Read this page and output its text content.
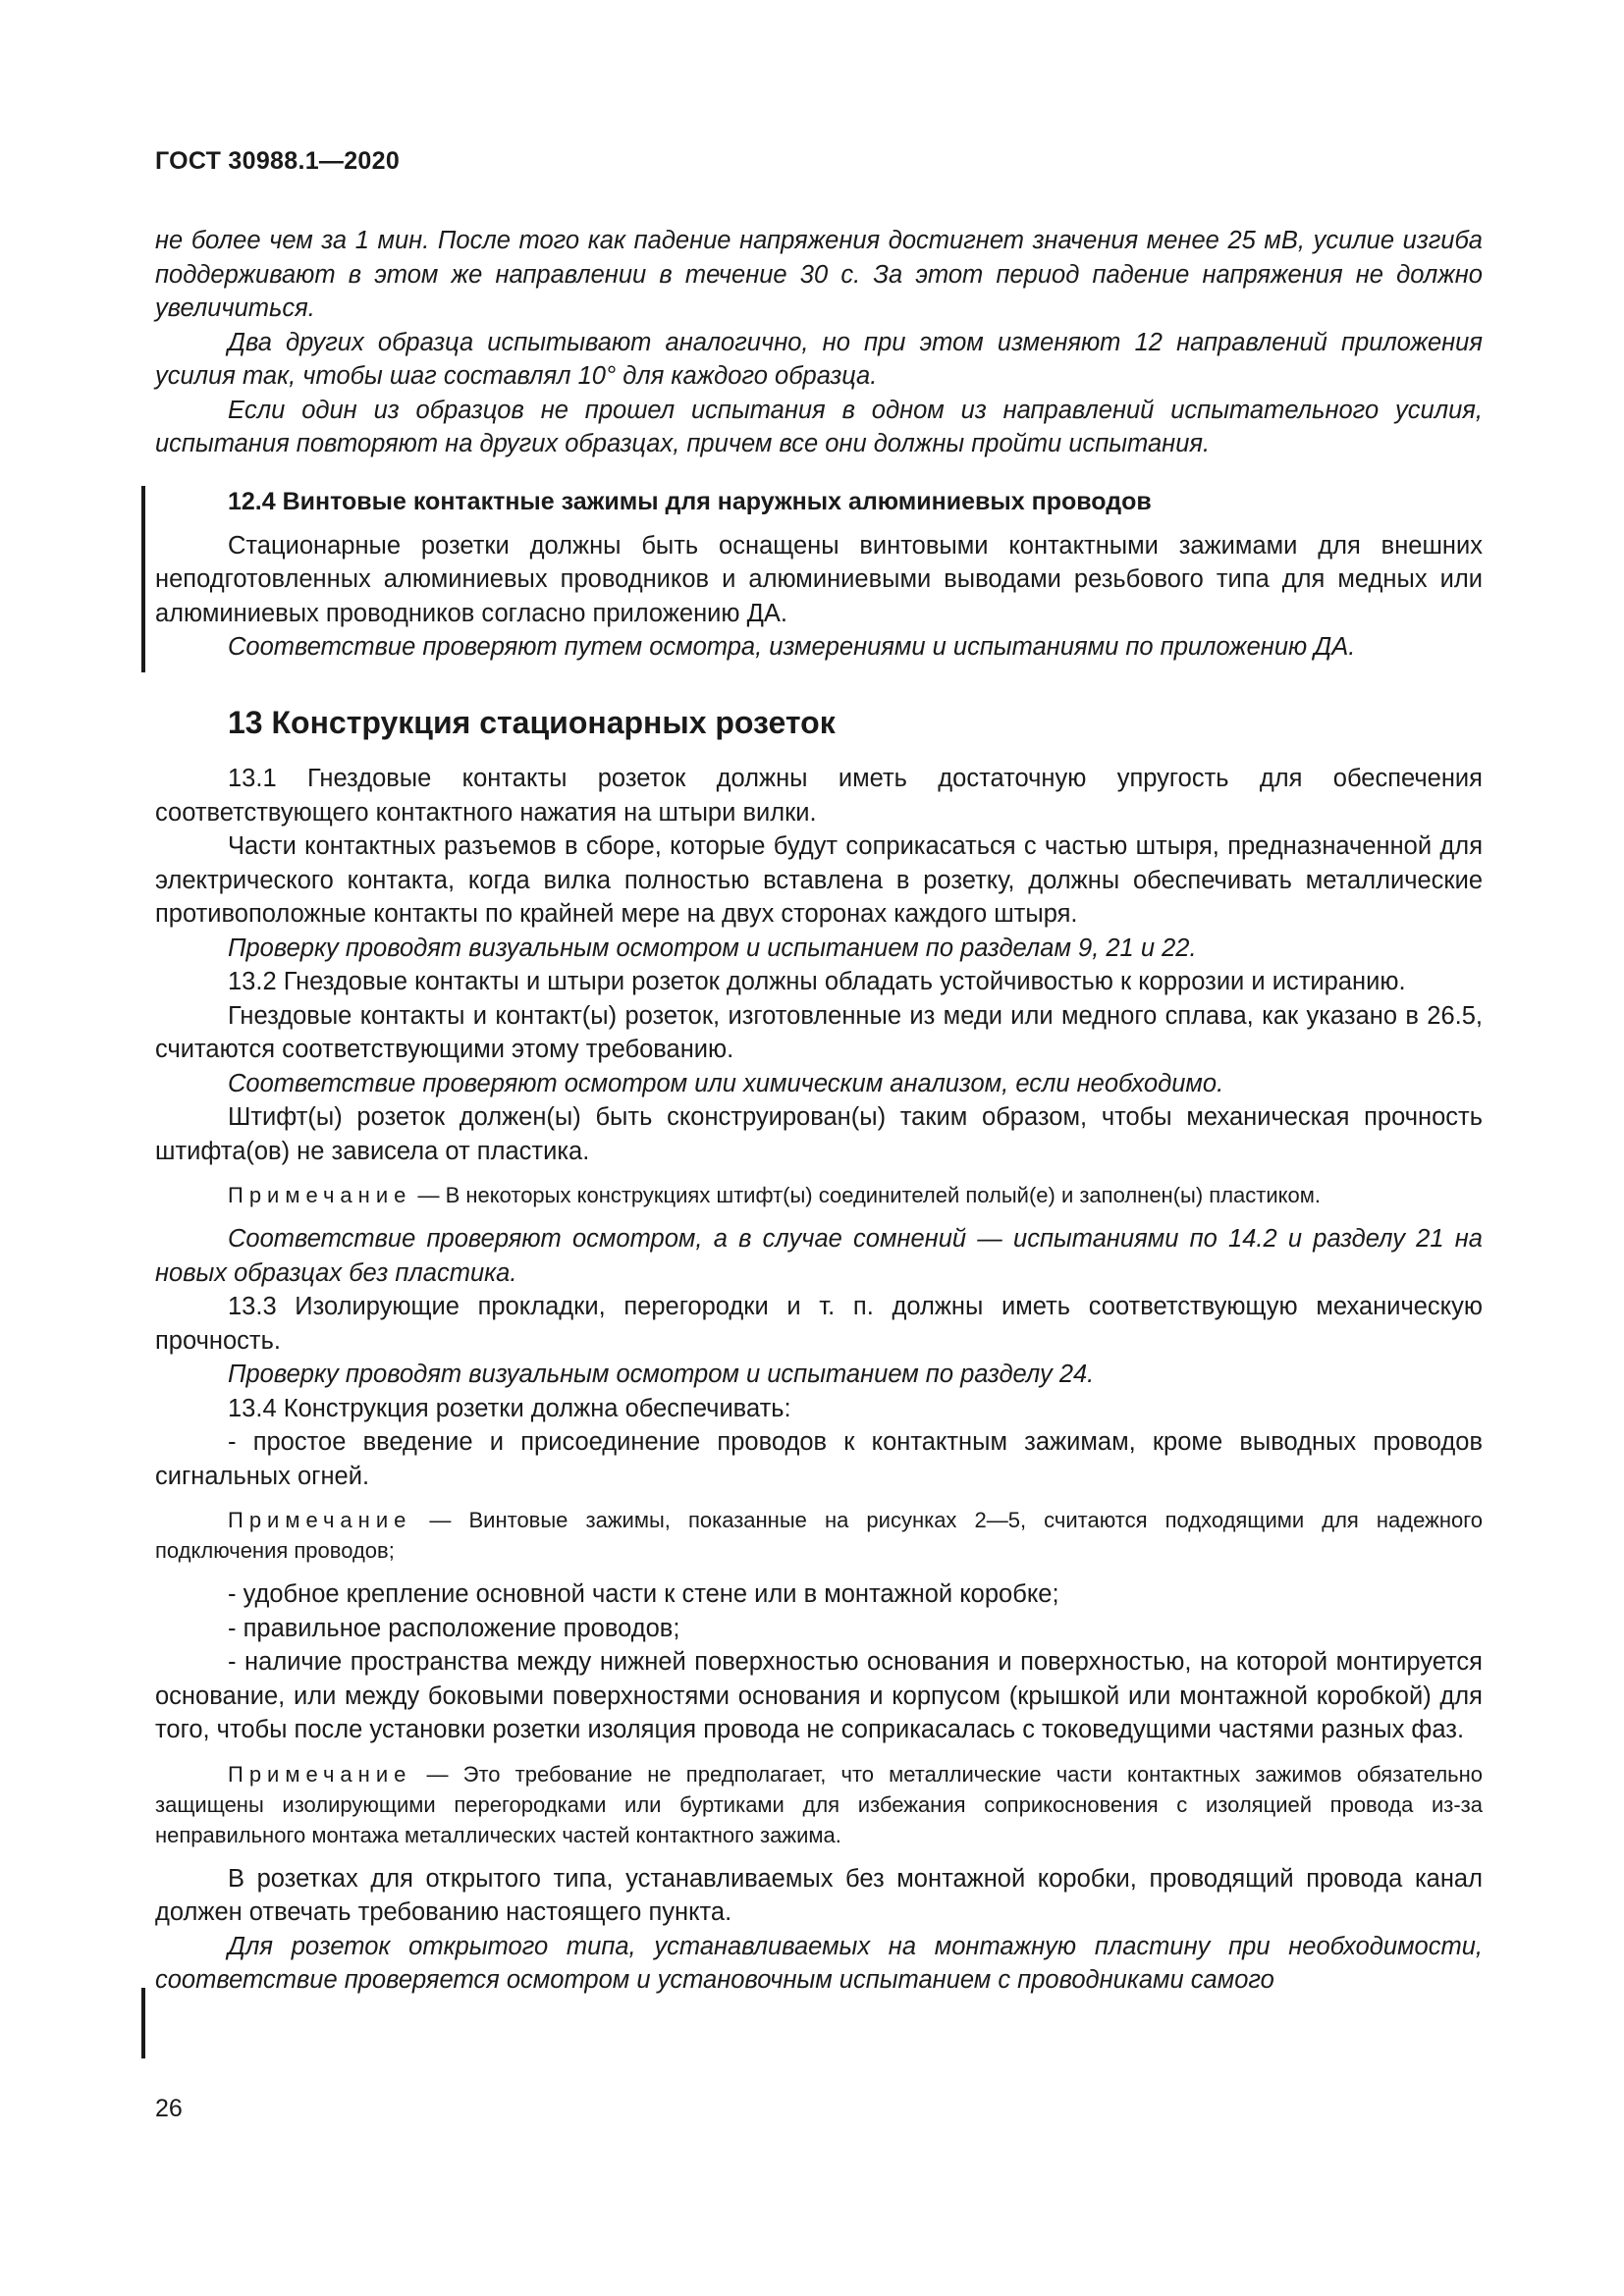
ГОСТ 30988.1—2020

не более чем за 1 мин. После того как падение напряжения достигнет значения менее 25 мВ, усилие изгиба поддерживают в этом же направлении в течение 30 с. За этот период падение напряжения не должно увеличиться.

Два других образца испытывают аналогично, но при этом изменяют 12 направлений приложения усилия так, чтобы шаг составлял 10° для каждого образца.

Если один из образцов не прошел испытания в одном из направлений испытательного усилия, испытания повторяют на других образцах, причем все они должны пройти испытания.

12.4 Винтовые контактные зажимы для наружных алюминиевых проводов

Стационарные розетки должны быть оснащены винтовыми контактными зажимами для внешних неподготовленных алюминиевых проводников и алюминиевыми выводами резьбового типа для медных или алюминиевых проводников согласно приложению ДА.

Соответствие проверяют путем осмотра, измерениями и испытаниями по приложению ДА.

13 Конструкция стационарных розеток

13.1 Гнездовые контакты розеток должны иметь достаточную упругость для обеспечения соответствующего контактного нажатия на штыри вилки.

Части контактных разъемов в сборе, которые будут соприкасаться с частью штыря, предназначенной для электрического контакта, когда вилка полностью вставлена в розетку, должны обеспечивать металлические противоположные контакты по крайней мере на двух сторонах каждого штыря.

Проверку проводят визуальным осмотром и испытанием по разделам 9, 21 и 22.

13.2 Гнездовые контакты и штыри розеток должны обладать устойчивостью к коррозии и истиранию.

Гнездовые контакты и контакт(ы) розеток, изготовленные из меди или медного сплава, как указано в 26.5, считаются соответствующими этому требованию.

Соответствие проверяют осмотром или химическим анализом, если необходимо.

Штифт(ы) розеток должен(ы) быть сконструирован(ы) таким образом, чтобы механическая прочность штифта(ов) не зависела от пластика.

Примечание — В некоторых конструкциях штифт(ы) соединителей полый(е) и заполнен(ы) пластиком.

Соответствие проверяют осмотром, а в случае сомнений — испытаниями по 14.2 и разделу 21 на новых образцах без пластика.

13.3 Изолирующие прокладки, перегородки и т. п. должны иметь соответствующую механическую прочность.

Проверку проводят визуальным осмотром и испытанием по разделу 24.

13.4 Конструкция розетки должна обеспечивать:

- простое введение и присоединение проводов к контактным зажимам, кроме выводных проводов сигнальных огней.

Примечание — Винтовые зажимы, показанные на рисунках 2—5, считаются подходящими для надежного подключения проводов;

- удобное крепление основной части к стене или в монтажной коробке;

- правильное расположение проводов;

- наличие пространства между нижней поверхностью основания и поверхностью, на которой монтируется основание, или между боковыми поверхностями основания и корпусом (крышкой или монтажной коробкой) для того, чтобы после установки розетки изоляция провода не соприкасалась с токоведущими частями разных фаз.

Примечание — Это требование не предполагает, что металлические части контактных зажимов обязательно защищены изолирующими перегородками или буртиками для избежания соприкосновения с изоляцией провода из-за неправильного монтажа металлических частей контактного зажима.

В розетках для открытого типа, устанавливаемых без монтажной коробки, проводящий провода канал должен отвечать требованию настоящего пункта.

Для розеток открытого типа, устанавливаемых на монтажную пластину при необходимости, соответствие проверяется осмотром и установочным испытанием с проводниками самого

26
